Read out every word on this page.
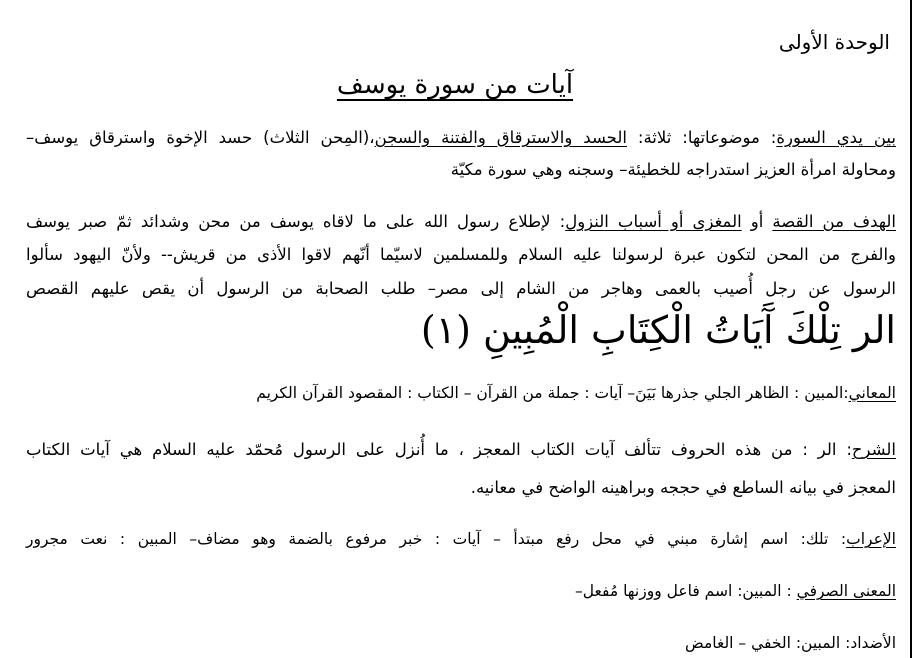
الوحدة الأولى
آيات من سورة يوسف
بين يدي السورة: موضوعاتها: ثلاثة: الحسد والاسترقاق والفتنة والسجن،(المِحن الثلاث) حسد الإخوة واسترقاق يوسف–
ومحاولة امرأة العزيز استدراجه للخطيئة– وسجنه وهي سورة مكيّة
الهدف من القصة أو المغزى أو أسباب النزول: لإطلاع رسول الله على ما لاقاه يوسف من محن وشدائد ثمّ صبر يوسف
والفرج من المحن لتكون عبرة لرسولنا عليه السلام وللمسلمين لاسيّما أنّهم لاقوا الأذى من قريش-- ولأنّ اليهود سألوا
الرسول عن رجل أُصيب بالعمى وهاجر من الشام إلى مصر– طلب الصحابة من الرسول أن يقص عليهم القصص
الر تِلْكَ آَيَاتُ الْكِتَابِ الْمُبِينِ (١)
المعاني:المبين : الظاهر الجلي جذرها بَيَنَ– آيات : جملة من القرآن – الكتاب : المقصود القرآن الكريم
الشرح: الر : من هذه الحروف تتألف آيات الكتاب المعجز ، ما أُنزل على الرسول مُحمّد عليه السلام هي آيات الكتاب
المعجز في بيانه الساطع في حججه وبراهينه الواضح في معانيه.
الإعراب: تلك: اسم إشارة مبني في محل رفع مبتدأ – آيات : خبر مرفوع بالضمة وهو مضاف– المبين : نعت مجرور
المعنى الصرفي : المبين: اسم فاعل ووزنها مُفعل–
الأضداد: المبين: الخفي – الغامض
